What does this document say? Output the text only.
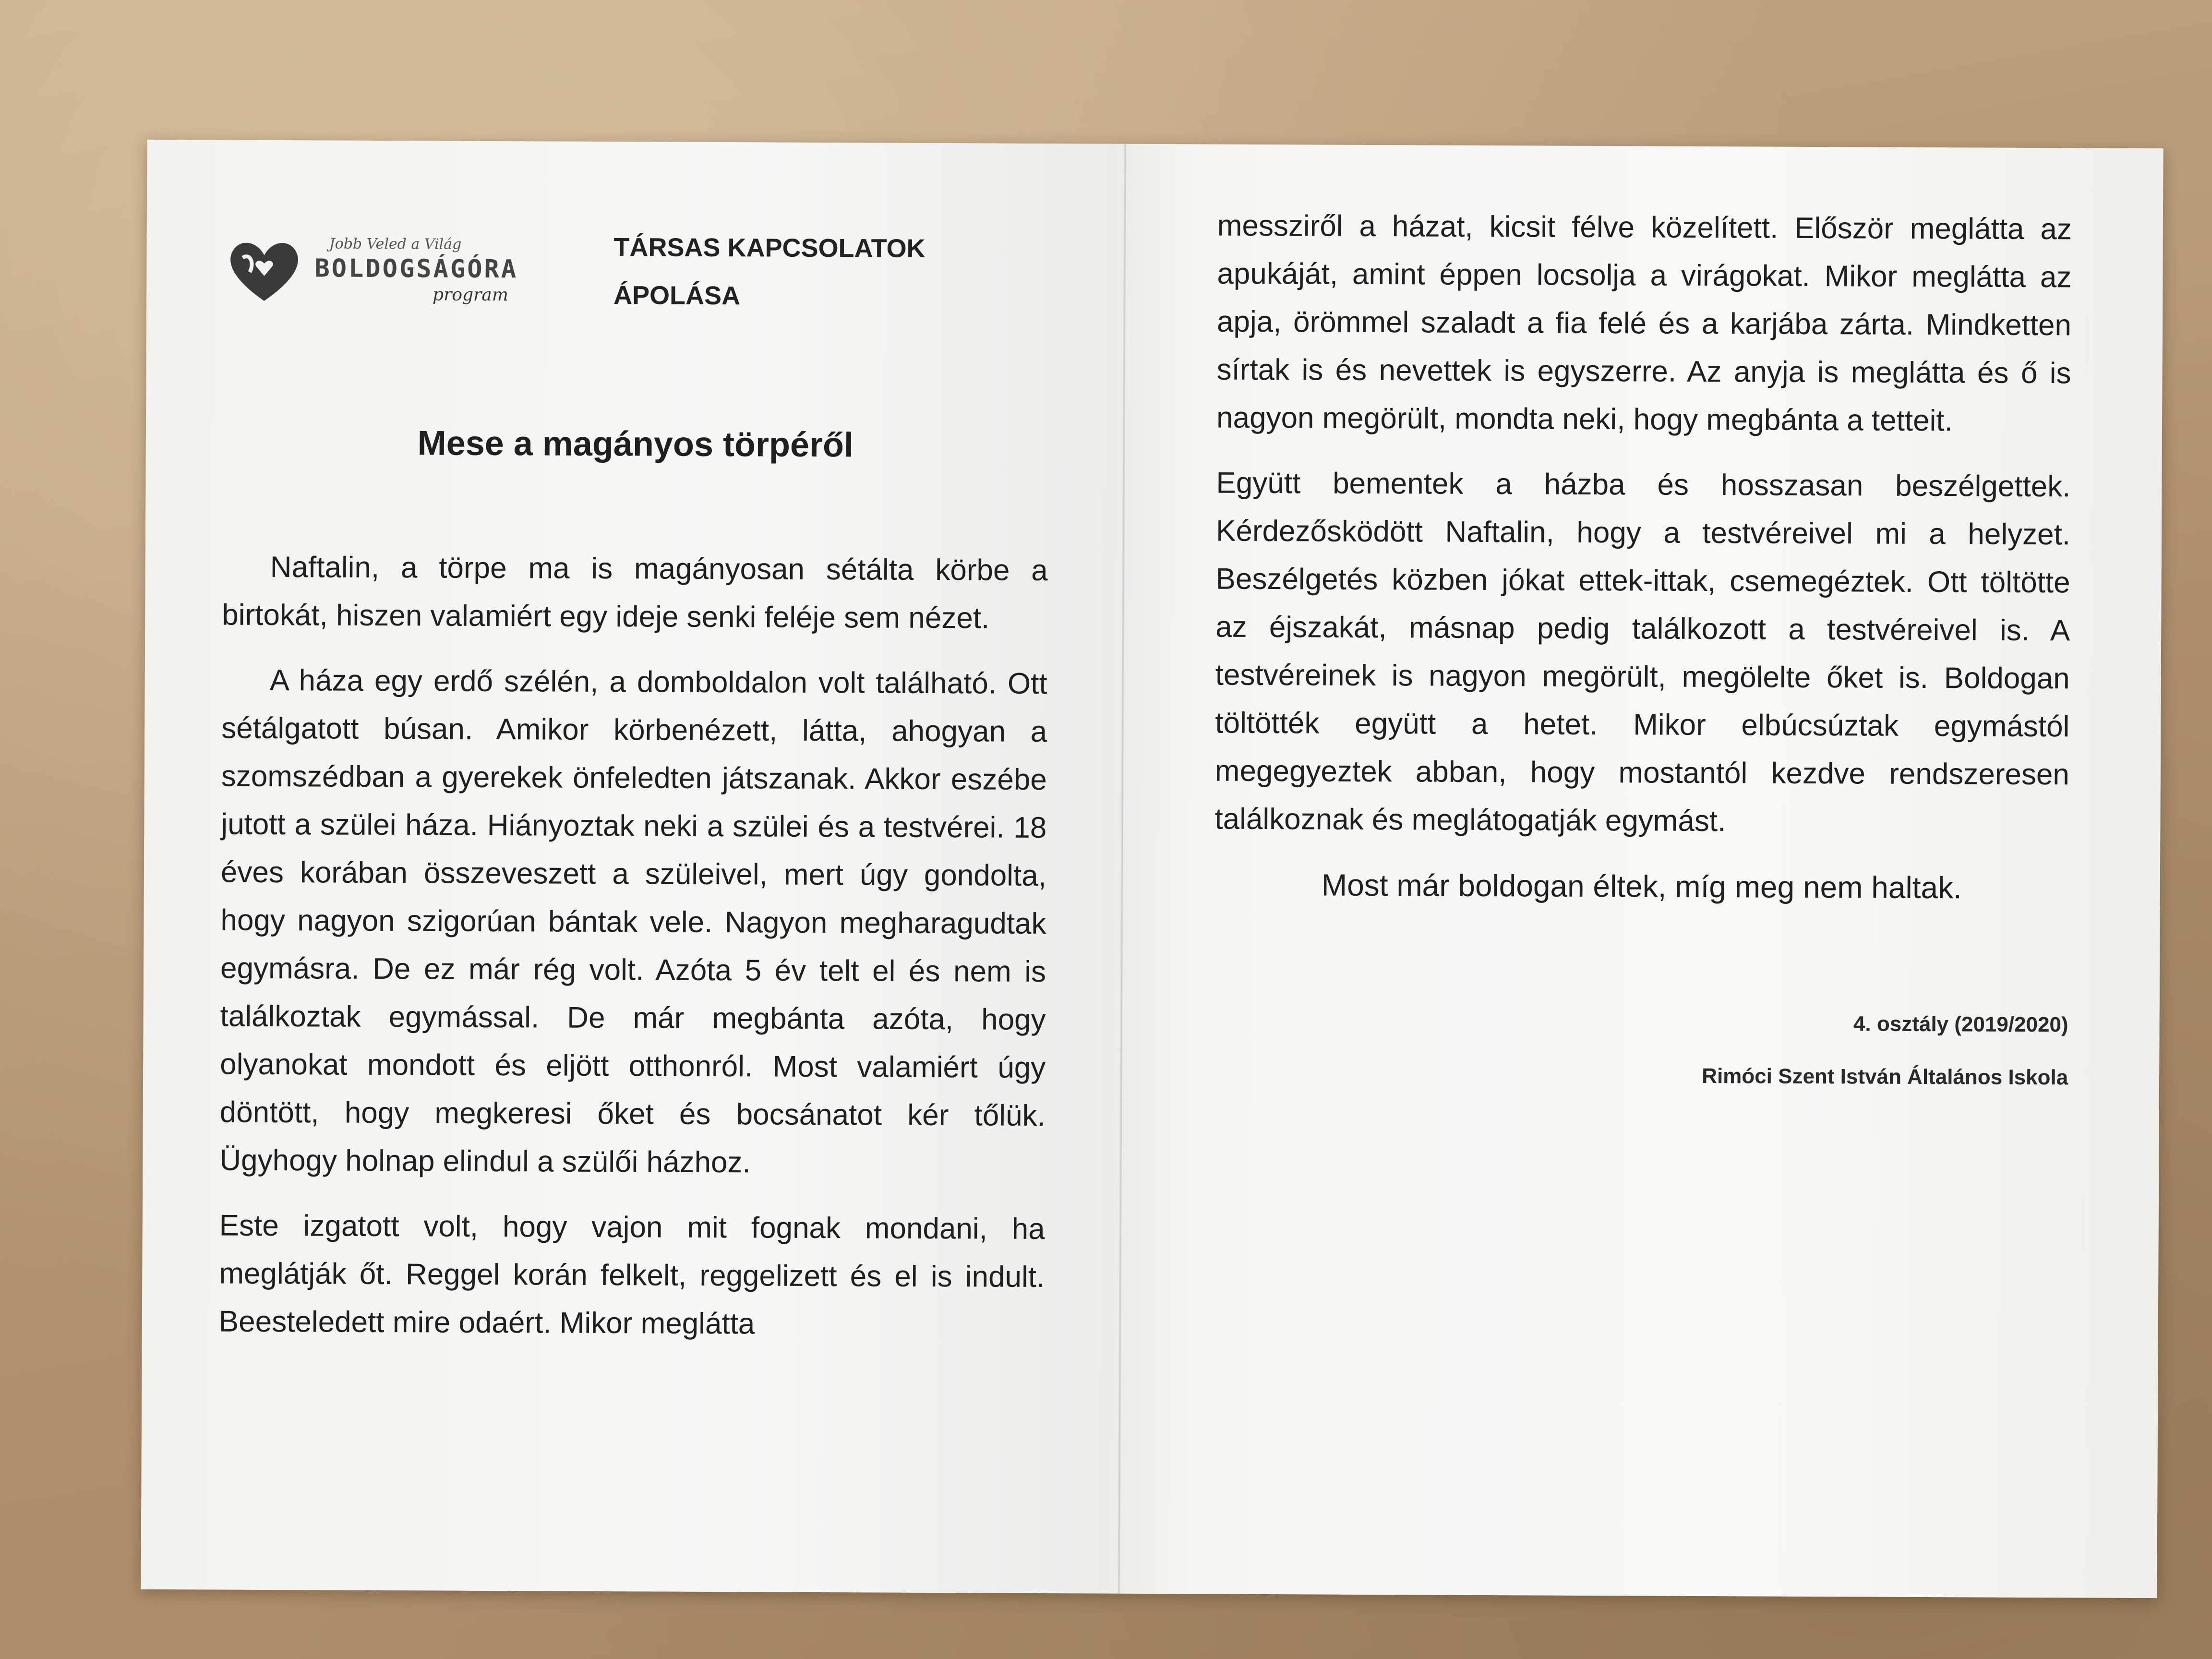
Jobb Veled a Világ
BOLDOGSÁGÓRA
program
TÁRSAS KAPCSOLATOK ÁPOLÁSA
Mese a magányos törpéről

Naftalin, a törpe ma is magányosan sétálta körbe a birtokát, hiszen valamiért egy ideje senki feléje sem nézet.

A háza egy erdő szélén, a domboldalon volt található. Ott sétálgatott búsan. Amikor körbenézett, látta, ahogyan a szomszédban a gyerekek önfeledten játszanak. Akkor eszébe jutott a szülei háza. Hiányoztak neki a szülei és a testvérei. 18 éves korában összeveszett a szüleivel, mert úgy gondolta, hogy nagyon szigorúan bántak vele. Nagyon megharagudtak egymásra. De ez már rég volt. Azóta 5 év telt el és nem is találkoztak egymással. De már megbánta azóta, hogy olyanokat mondott és eljött otthonról. Most valamiért úgy döntött, hogy megkeresi őket és bocsánatot kér tőlük. Ügyhogy holnap elindul a szülői házhoz.

Este izgatott volt, hogy vajon mit fognak mondani, ha meglátják őt. Reggel korán felkelt, reggelizett és el is indult. Beesteledett mire odaért. Mikor meglátta

messziről a házat, kicsit félve közelített. Először meglátta az apukáját, amint éppen locsolja a virágokat. Mikor meglátta az apja, örömmel szaladt a fia felé és a karjába zárta. Mindketten sírtak is és nevettek is egyszerre. Az anyja is meglátta és ő is nagyon megörült, mondta neki, hogy megbánta a tetteit.

Együtt bementek a házba és hosszasan beszélgettek. Kérdezősködött Naftalin, hogy a testvéreivel mi a helyzet. Beszélgetés közben jókat ettek-ittak, csemegéztek. Ott töltötte az éjszakát, másnap pedig találkozott a testvéreivel is. A testvéreinek is nagyon megörült, megölelte őket is. Boldogan töltötték együtt a hetet. Mikor elbúcsúztak egymástól megegyeztek abban, hogy mostantól kezdve rendszeresen találkoznak és meglátogatják egymást.

Most már boldogan éltek, míg meg nem haltak.
4. osztály (2019/2020)
Rimóci Szent István Általános Iskola
